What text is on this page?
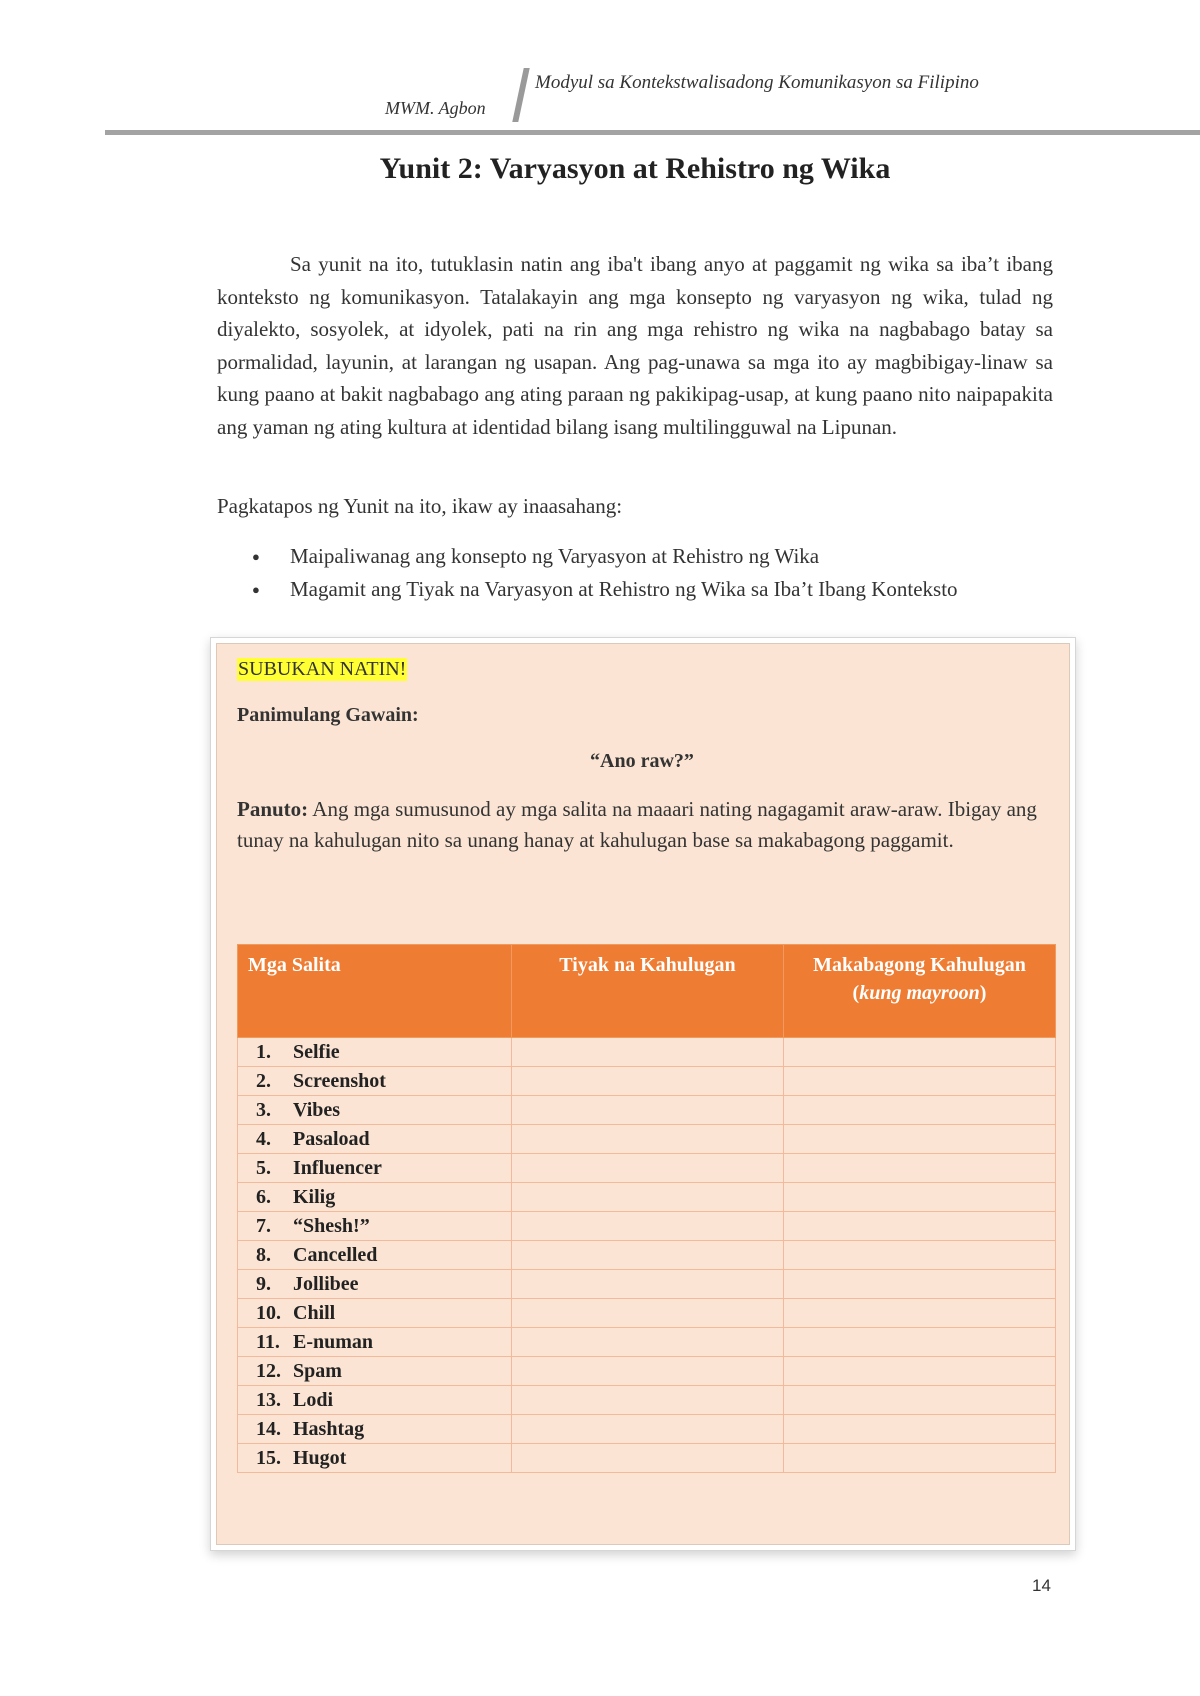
Modyul sa Kontekstwalisadong Komunikasyon sa Filipino
MWM. Agbon
Yunit 2: Varyasyon at Rehistro ng Wika

Sa yunit na ito, tutuklasin natin ang iba't ibang anyo at paggamit ng wika sa iba’t ibang konteksto ng komunikasyon. Tatalakayin ang mga konsepto ng varyasyon ng wika, tulad ng diyalekto, sosyolek, at idyolek, pati na rin ang mga rehistro ng wika na nagbabago batay sa pormalidad, layunin, at larangan ng usapan. Ang pag-unawa sa mga ito ay magbibigay-linaw sa kung paano at bakit nagbabago ang ating paraan ng pakikipag-usap, at kung paano nito naipapakita ang yaman ng ating kultura at identidad bilang isang multilingguwal na Lipunan.

Pagkatapos ng Yunit na ito, ikaw ay inaasahang:

● Maipaliwanag ang konsepto ng Varyasyon at Rehistro ng Wika
● Magamit ang Tiyak na Varyasyon at Rehistro ng Wika sa Iba’t Ibang Konteksto
SUBUKAN NATIN!
Panimulang Gawain:
“Ano raw?”
Panuto: Ang mga sumusunod ay mga salita na maaari nating nagagamit araw-araw. Ibigay ang tunay na kahulugan nito sa unang hanay at kahulugan base sa makabagong paggamit.
Mga Salita	Tiyak na Kahulugan	Makabagong Kahulugan (kung mayroon)
1. Selfie		
2. Screenshot		
3. Vibes		
4. Pasaload		
5. Influencer		
6. Kilig		
7. “Shesh!”		
8. Cancelled		
9. Jollibee		
10. Chill		
11. E-numan		
12. Spam		
13. Lodi		
14. Hashtag		
15. Hugot		
14
